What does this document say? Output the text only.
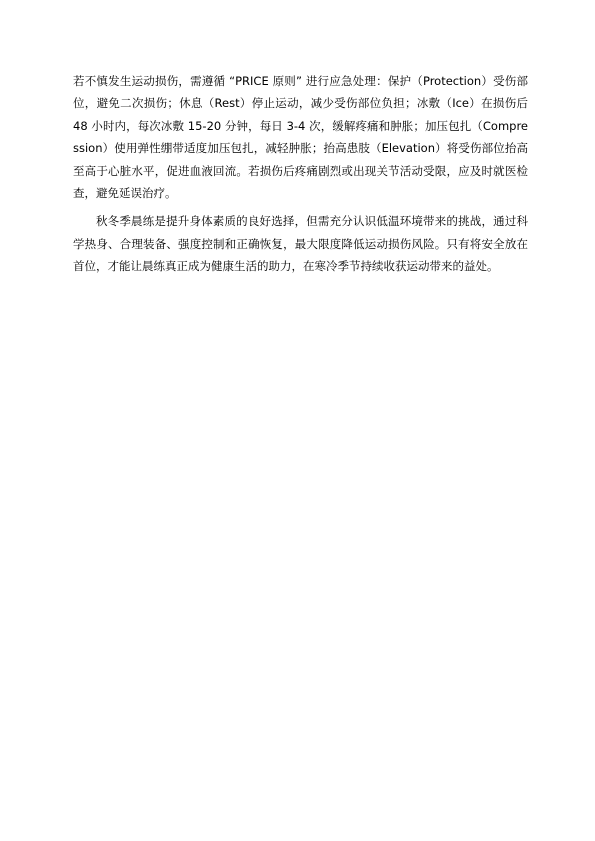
若不慎发生运动损伤，需遵循 “PRICE 原则” 进行应急处理：保护（Protection）受伤部位，避免二次损伤；休息（Rest）停止运动，减少受伤部位负担；冰敷（Ice）在损伤后 48 小时内，每次冰敷 15-20 分钟，每日 3-4 次，缓解疼痛和肿胀；加压包扎（Compression）使用弹性绷带适度加压包扎，减轻肿胀；抬高患肢（Elevation）将受伤部位抬高至高于心脏水平，促进血液回流。若损伤后疼痛剧烈或出现关节活动受限，应及时就医检查，避免延误治疗。

秋冬季晨练是提升身体素质的良好选择，但需充分认识低温环境带来的挑战，通过科学热身、合理装备、强度控制和正确恢复，最大限度降低运动损伤风险。只有将安全放在首位，才能让晨练真正成为健康生活的助力，在寒冷季节持续收获运动带来的益处。
